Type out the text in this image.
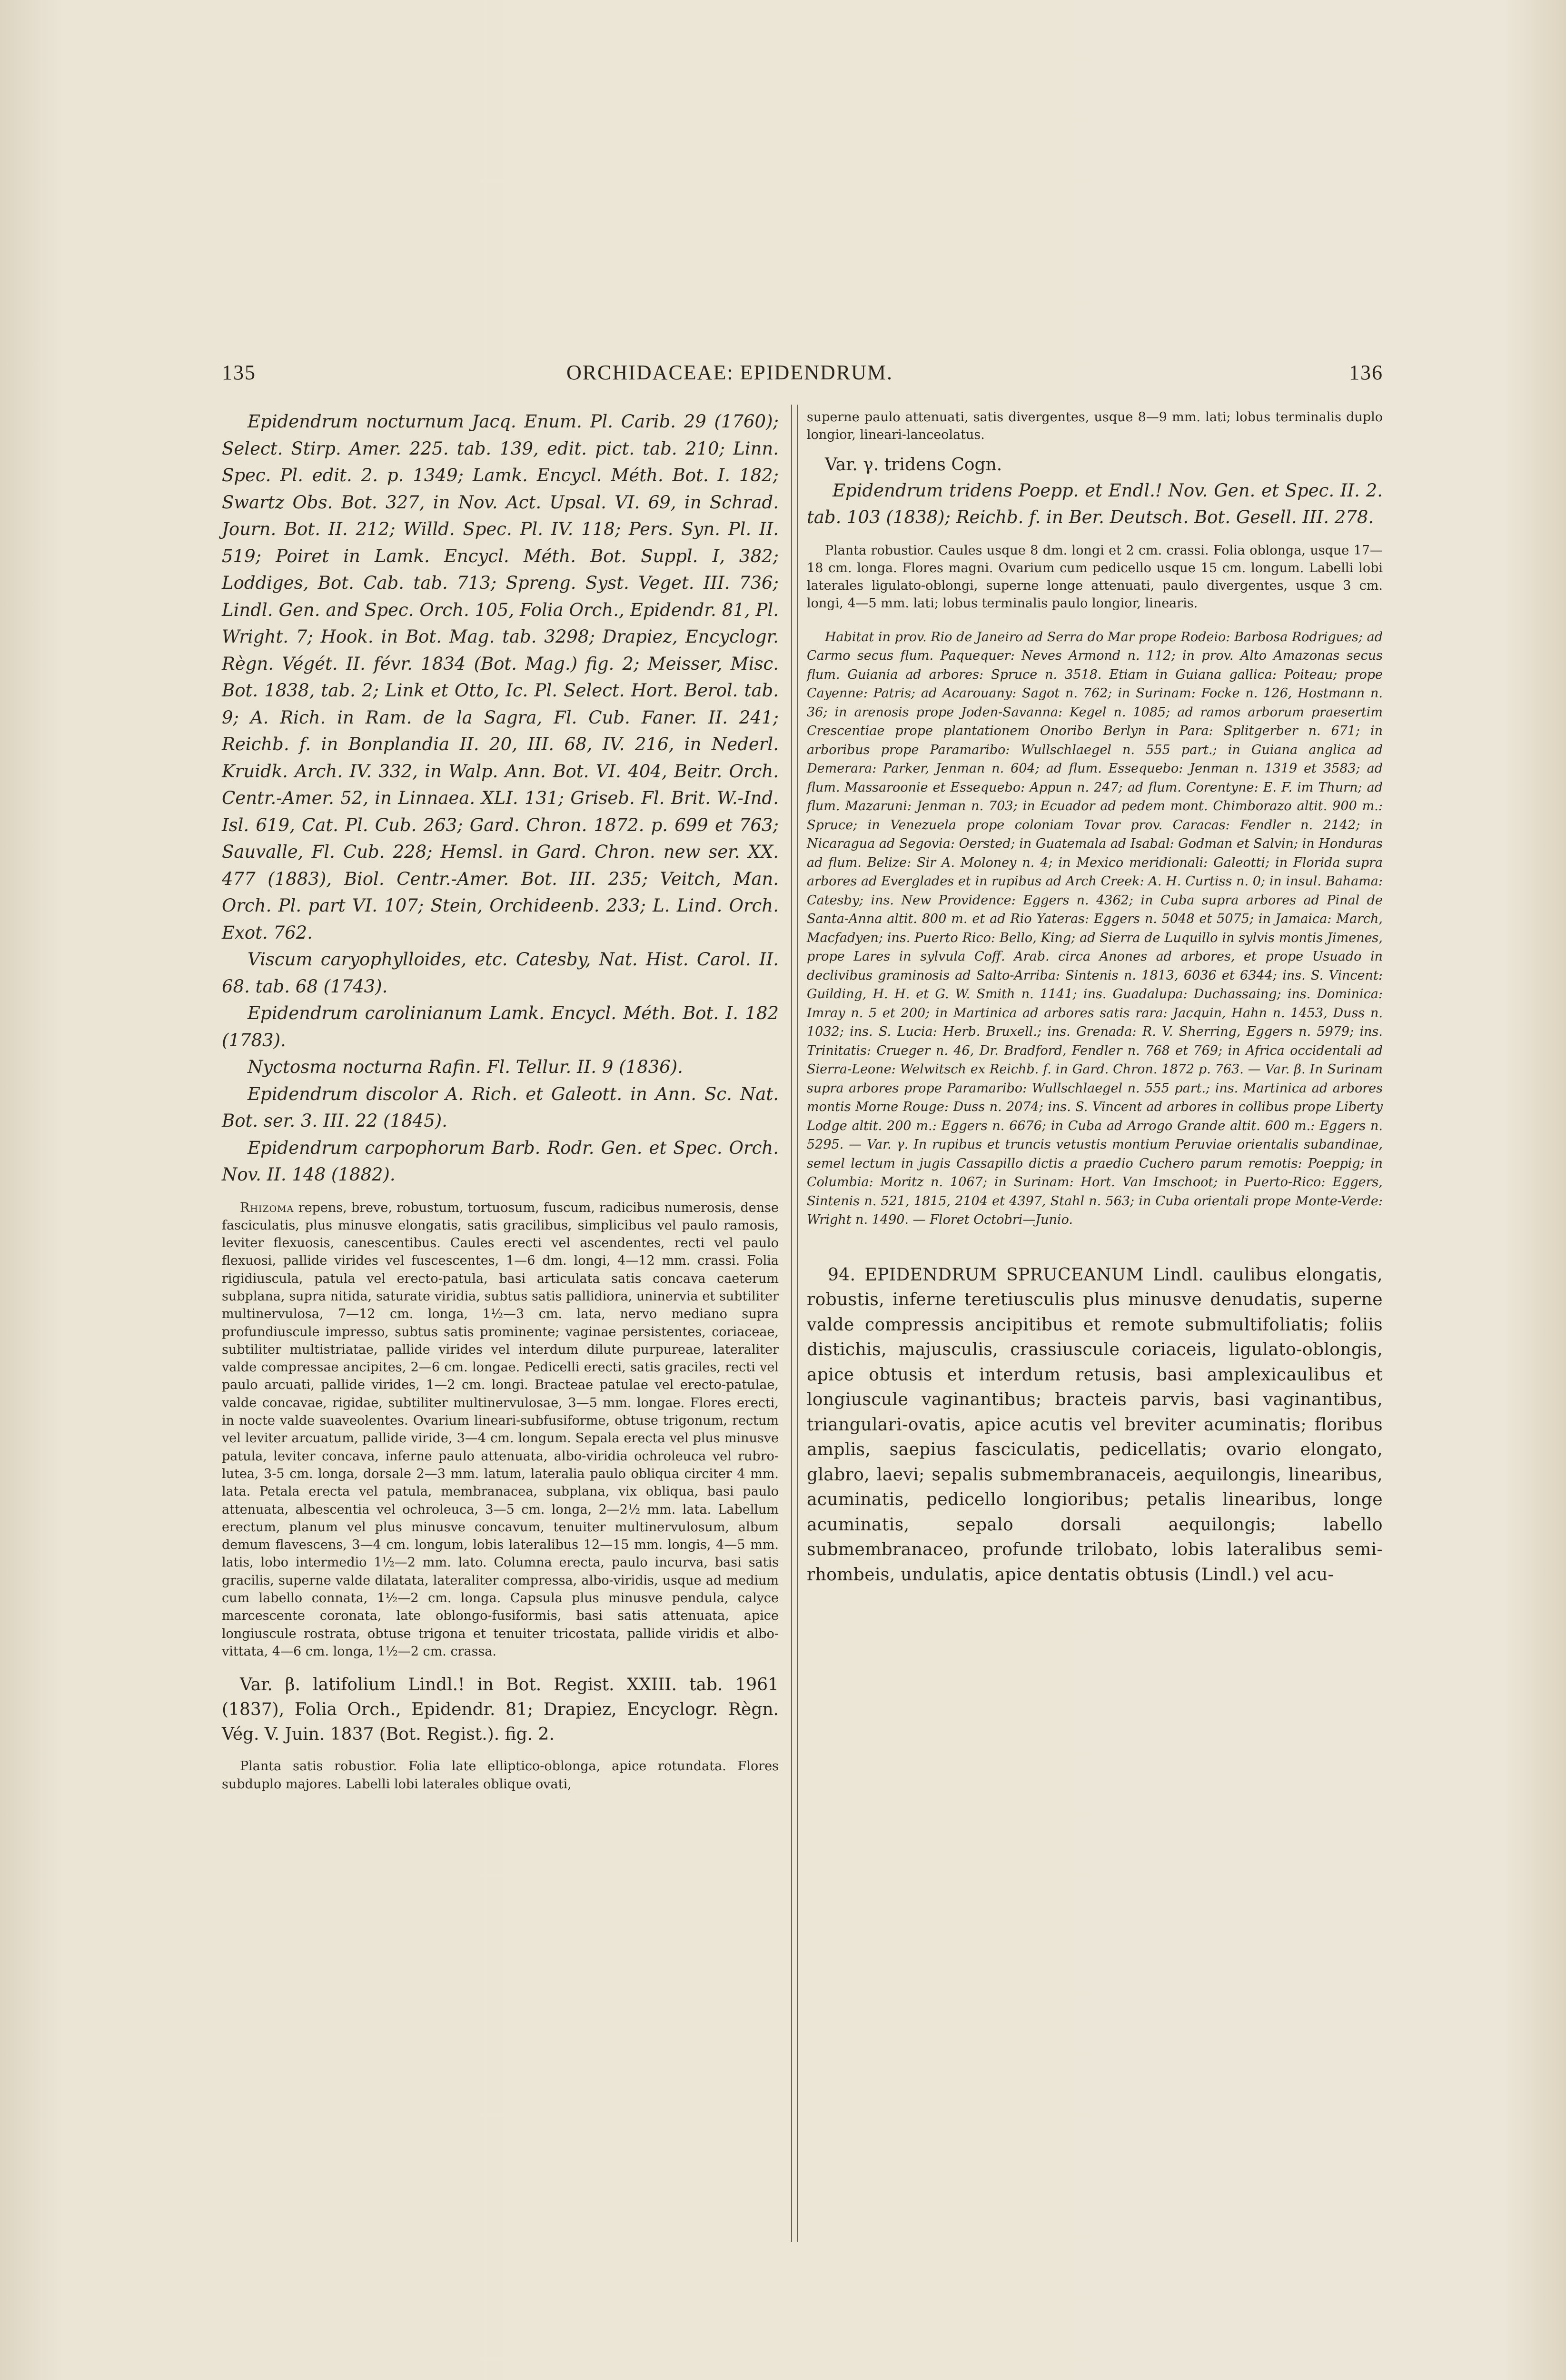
135	ORCHIDACEAE: EPIDENDRUM.	136

Epidendrum nocturnum Jacq. Enum. Pl. Carib. 29 (1760); Select. Stirp. Amer. 225. tab. 139, edit. pict. tab. 210; Linn. Spec. Pl. edit. 2. p. 1349; Lamk. Encycl. Méth. Bot. I. 182; Swartz Obs. Bot. 327, in Nov. Act. Upsal. VI. 69, in Schrad. Journ. Bot. II. 212; Willd. Spec. Pl. IV. 118; Pers. Syn. Pl. II. 519; Poiret in Lamk. Encycl. Méth. Bot. Suppl. I, 382; Loddiges, Bot. Cab. tab. 713; Spreng. Syst. Veget. III. 736; Lindl. Gen. and Spec. Orch. 105, Folia Orch., Epidendr. 81, Pl. Wright. 7; Hook. in Bot. Mag. tab. 3298; Drapiez, Encyclogr. Règn. Végét. II. févr. 1834 (Bot. Mag.) fig. 2; Meisser, Misc. Bot. 1838, tab. 2; Link et Otto, Ic. Pl. Select. Hort. Berol. tab. 9; A. Rich. in Ram. de la Sagra, Fl. Cub. Faner. II. 241; Reichb. f. in Bonplandia II. 20, III. 68, IV. 216, in Nederl. Kruidk. Arch. IV. 332, in Walp. Ann. Bot. VI. 404, Beitr. Orch. Centr.-Amer. 52, in Linnaea. XLI. 131; Griseb. Fl. Brit. W.-Ind. Isl. 619, Cat. Pl. Cub. 263; Gard. Chron. 1872. p. 699 et 763; Sauvalle, Fl. Cub. 228; Hemsl. in Gard. Chron. new ser. XX. 477 (1883), Biol. Centr.-Amer. Bot. III. 235; Veitch, Man. Orch. Pl. part VI. 107; Stein, Orchideenb. 233; L. Lind. Orch. Exot. 762.

Viscum caryophylloides, etc. Catesby, Nat. Hist. Carol. II. 68. tab. 68 (1743).

Epidendrum carolinianum Lamk. Encycl. Méth. Bot. I. 182 (1783).

Nyctosma nocturna Rafin. Fl. Tellur. II. 9 (1836).

Epidendrum discolor A. Rich. et Galeott. in Ann. Sc. Nat. Bot. ser. 3. III. 22 (1845).

Epidendrum carpophorum Barb. Rodr. Gen. et Spec. Orch. Nov. II. 148 (1882).

Rhizoma repens, breve, robustum, tortuosum, fuscum, radicibus numerosis, dense fasciculatis, plus minusve elongatis, satis gracilibus, simplicibus vel paulo ramosis, leviter flexuosis, canescentibus. Caules erecti vel ascendentes, recti vel paulo flexuosi, pallide virides vel fuscescentes, 1—6 dm. longi, 4—12 mm. crassi. Folia rigidiuscula, patula vel erecto-patula, basi articulata satis concava caeterum subplana, supra nitida, saturate viridia, subtus satis pallidiora, uninervia et subtiliter multinervulosa, 7—12 cm. longa, 1½—3 cm. lata, nervo mediano supra profundiuscule impresso, subtus satis prominente; vaginae persistentes, coriaceae, subtiliter multistriatae, pallide virides vel interdum dilute purpureae, lateraliter valde compressae ancipites, 2—6 cm. longae. Pedicelli erecti, satis graciles, recti vel paulo arcuati, pallide virides, 1—2 cm. longi. Bracteae patulae vel erecto-patulae, valde concavae, rigidae, subtiliter multinervulosae, 3—5 mm. longae. Flores erecti, in nocte valde suaveolentes. Ovarium lineari-subfusiforme, obtuse trigonum, rectum vel leviter arcuatum, pallide viride, 3—4 cm. longum. Sepala erecta vel plus minusve patula, leviter concava, inferne paulo attenuata, albo-viridia ochroleuca vel rubro-lutea, 3-5 cm. longa, dorsale 2—3 mm. latum, lateralia paulo obliqua circiter 4 mm. lata. Petala erecta vel patula, membranacea, subplana, vix obliqua, basi paulo attenuata, albescentia vel ochroleuca, 3—5 cm. longa, 2—2½ mm. lata. Labellum erectum, planum vel plus minusve concavum, tenuiter multinervulosum, album demum flavescens, 3—4 cm. longum, lobis lateralibus 12—15 mm. longis, 4—5 mm. latis, lobo intermedio 1½—2 mm. lato. Columna erecta, paulo incurva, basi satis gracilis, superne valde dilatata, lateraliter compressa, albo-viridis, usque ad medium cum labello connata, 1½—2 cm. longa. Capsula plus minusve pendula, calyce marcescente coronata, late oblongo-fusiformis, basi satis attenuata, apice longiuscule rostrata, obtuse trigona et tenuiter tricostata, pallide viridis et albo-vittata, 4—6 cm. longa, 1½—2 cm. crassa.

Var. β. latifolium Lindl.! in Bot. Regist. XXIII. tab. 1961 (1837), Folia Orch., Epidendr. 81; Drapiez, Encyclogr. Règn. Vég. V. Juin. 1837 (Bot. Regist.). fig. 2.

Planta satis robustior. Folia late elliptico-oblonga, apice rotundata. Flores subduplo majores. Labelli lobi laterales oblique ovati,

superne paulo attenuati, satis divergentes, usque 8—9 mm. lati; lobus terminalis duplo longior, lineari-lanceolatus.

Var. γ. tridens Cogn.

Epidendrum tridens Poepp. et Endl.! Nov. Gen. et Spec. II. 2. tab. 103 (1838); Reichb. f. in Ber. Deutsch. Bot. Gesell. III. 278.

Planta robustior. Caules usque 8 dm. longi et 2 cm. crassi. Folia oblonga, usque 17—18 cm. longa. Flores magni. Ovarium cum pedicello usque 15 cm. longum. Labelli lobi laterales ligulato-oblongi, superne longe attenuati, paulo divergentes, usque 3 cm. longi, 4—5 mm. lati; lobus terminalis paulo longior, linearis.

Habitat in prov. Rio de Janeiro ad Serra do Mar prope Rodeio: Barbosa Rodrigues; ad Carmo secus flum. Paquequer: Neves Armond n. 112; in prov. Alto Amazonas secus flum. Guiania ad arbores: Spruce n. 3518. Etiam in Guiana gallica: Poiteau; prope Cayenne: Patris; ad Acarouany: Sagot n. 762; in Surinam: Focke n. 126, Hostmann n. 36; in arenosis prope Joden-Savanna: Kegel n. 1085; ad ramos arborum praesertim Crescentiae prope plantationem Onoribo Berlyn in Para: Splitgerber n. 671; in arboribus prope Paramaribo: Wullschlaegel n. 555 part.; in Guiana anglica ad Demerara: Parker, Jenman n. 604; ad flum. Essequebo: Jenman n. 1319 et 3583; ad flum. Massaroonie et Essequebo: Appun n. 247; ad flum. Corentyne: E. F. im Thurn; ad flum. Mazaruni: Jenman n. 703; in Ecuador ad pedem mont. Chimborazo altit. 900 m.: Spruce; in Venezuela prope coloniam Tovar prov. Caracas: Fendler n. 2142; in Nicaragua ad Segovia: Oersted; in Guatemala ad Isabal: Godman et Salvin; in Honduras ad flum. Belize: Sir A. Moloney n. 4; in Mexico meridionali: Galeotti; in Florida supra arbores ad Everglades et in rupibus ad Arch Creek: A. H. Curtiss n. 0; in insul. Bahama: Catesby; ins. New Providence: Eggers n. 4362; in Cuba supra arbores ad Pinal de Santa-Anna altit. 800 m. et ad Rio Yateras: Eggers n. 5048 et 5075; in Jamaica: March, Macfadyen; ins. Puerto Rico: Bello, King; ad Sierra de Luquillo in sylvis montis Jimenes, prope Lares in sylvula Coff. Arab. circa Anones ad arbores, et prope Usuado in declivibus graminosis ad Salto-Arriba: Sintenis n. 1813, 6036 et 6344; ins. S. Vincent: Guilding, H. H. et G. W. Smith n. 1141; ins. Guadalupa: Duchassaing; ins. Dominica: Imray n. 5 et 200; in Martinica ad arbores satis rara: Jacquin, Hahn n. 1453, Duss n. 1032; ins. S. Lucia: Herb. Bruxell.; ins. Grenada: R. V. Sherring, Eggers n. 5979; ins. Trinitatis: Crueger n. 46, Dr. Bradford, Fendler n. 768 et 769; in Africa occidentali ad Sierra-Leone: Welwitsch ex Reichb. f. in Gard. Chron. 1872 p. 763. — Var. β. In Surinam supra arbores prope Paramaribo: Wullschlaegel n. 555 part.; ins. Martinica ad arbores montis Morne Rouge: Duss n. 2074; ins. S. Vincent ad arbores in collibus prope Liberty Lodge altit. 200 m.: Eggers n. 6676; in Cuba ad Arrogo Grande altit. 600 m.: Eggers n. 5295. — Var. γ. In rupibus et truncis vetustis montium Peruviae orientalis subandinae, semel lectum in jugis Cassapillo dictis a praedio Cuchero parum remotis: Poeppig; in Columbia: Moritz n. 1067; in Surinam: Hort. Van Imschoot; in Puerto-Rico: Eggers, Sintenis n. 521, 1815, 2104 et 4397, Stahl n. 563; in Cuba orientali prope Monte-Verde: Wright n. 1490. — Floret Octobri—Junio.

94. EPIDENDRUM SPRUCEANUM Lindl. caulibus elongatis, robustis, inferne teretiusculis plus minusve denudatis, superne valde compressis ancipitibus et remote submultifoliatis; foliis distichis, majusculis, crassiuscule coriaceis, ligulato-oblongis, apice obtusis et interdum retusis, basi amplexicaulibus et longiuscule vaginantibus; bracteis parvis, basi vaginantibus, triangulari-ovatis, apice acutis vel breviter acuminatis; floribus amplis, saepius fasciculatis, pedicellatis; ovario elongato, glabro, laevi; sepalis submembranaceis, aequilongis, linearibus, acuminatis, pedicello longioribus; petalis linearibus, longe acuminatis, sepalo dorsali aequilongis; labello submembranaceo, profunde trilobato, lobis lateralibus semi-rhombeis, undulatis, apice dentatis obtusis (Lindl.) vel acu-
